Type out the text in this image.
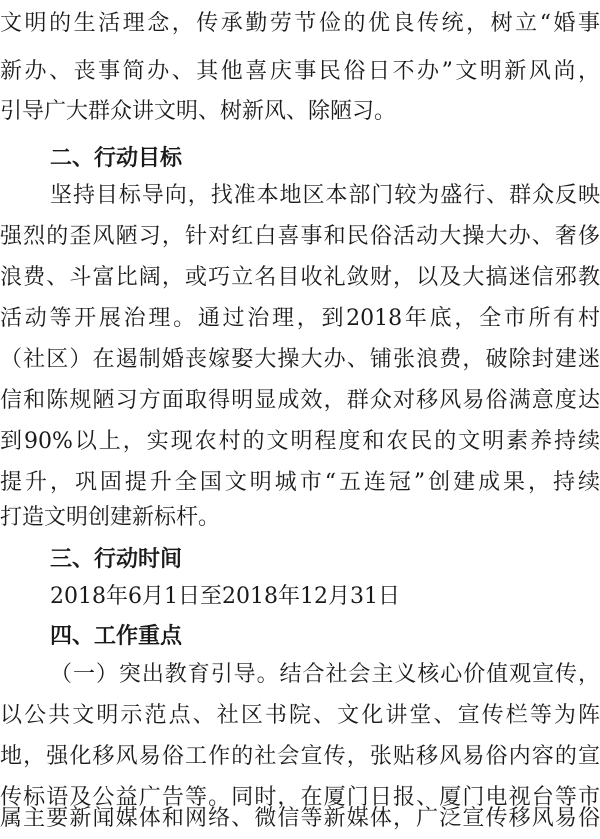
文明的生活理念，传承勤劳节俭的优良传统，树立“婚事
新办、丧事简办、其他喜庆事民俗日不办”文明新风尚，
引导广大群众讲文明、树新风、除陋习。
二、行动目标
坚持目标导向，找准本地区本部门较为盛行、群众反映
强烈的歪风陋习，针对红白喜事和民俗活动大操大办、奢侈
浪费、斗富比阔，或巧立名目收礼敛财，以及大搞迷信邪教
活动等开展治理。通过治理，到2018年底，全市所有村
（社区）在遏制婚丧嫁娶大操大办、铺张浪费，破除封建迷
信和陈规陋习方面取得明显成效，群众对移风易俗满意度达
到90%以上，实现农村的文明程度和农民的文明素养持续
提升，巩固提升全国文明城市“五连冠”创建成果，持续
打造文明创建新标杆。
三、行动时间
2018年6月1日至2018年12月31日
四、工作重点
（一）突出教育引导。结合社会主义核心价值观宣传，
以公共文明示范点、社区书院、文化讲堂、宣传栏等为阵
地，强化移风易俗工作的社会宣传，张贴移风易俗内容的宣
传标语及公益广告等。同时，在厦门日报、厦门电视台等市
属主要新闻媒体和网络、微信等新媒体，广泛宣传移风易俗
